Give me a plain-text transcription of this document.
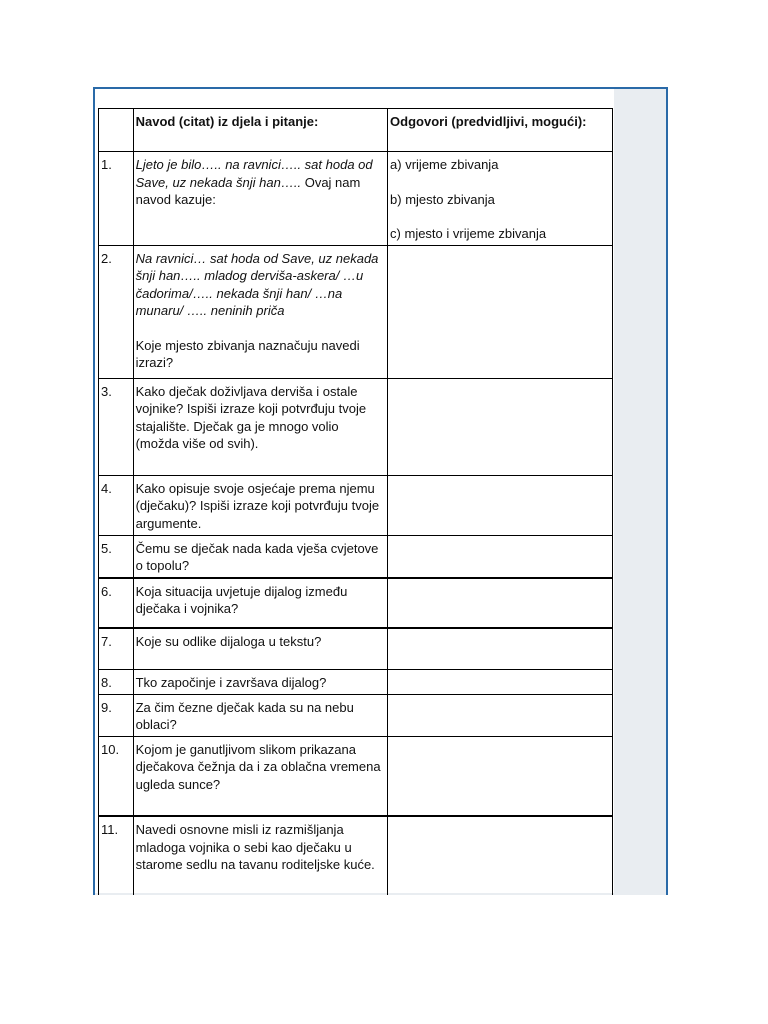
	Navod (citat) iz djela i pitanje:	Odgovori (predvidljivi, mogući):
1.	Ljeto je bilo….. na ravnici….. sat hoda od Save, uz nekada šnji han….. Ovaj nam navod kazuje:	a) vrijeme zbivanja
b) mjesto zbivanja
c) mjesto i vrijeme zbivanja

2.	Na ravnici… sat hoda od Save, uz nekada šnji han….. mladog derviša-askera/ …u čadorima/….. nekada šnji han/ …na munaru/ ….. neninih priča
Koje mjesto zbivanja naznačuju navedi izrazi?	

3.	Kako dječak doživljava derviša i ostale vojnike? Ispiši izraze koji potvrđuju tvoje stajalište. Dječak ga je mnogo volio (možda više od svih).	
4.	Kako opisuje svoje osjećaje prema njemu (dječaku)? Ispiši izraze koji potvrđuju tvoje argumente.	
5.	Čemu se dječak nada kada vješa cvjetove o topolu?	
6.	Koja situacija uvjetuje dijalog između dječaka i vojnika?	
7.	Koje su odlike dijaloga u tekstu?	
8.	Tko započinje i završava dijalog?	
9.	Za čim čezne dječak kada su na nebu oblaci?	
10.	Kojom je ganutljivom slikom prikazana dječakova čežnja da i za oblačna vremena ugleda sunce?	
11.	Navedi osnovne misli iz razmišljanja mladoga vojnika o sebi kao dječaku u starome sedlu na tavanu roditeljske kuće.	
